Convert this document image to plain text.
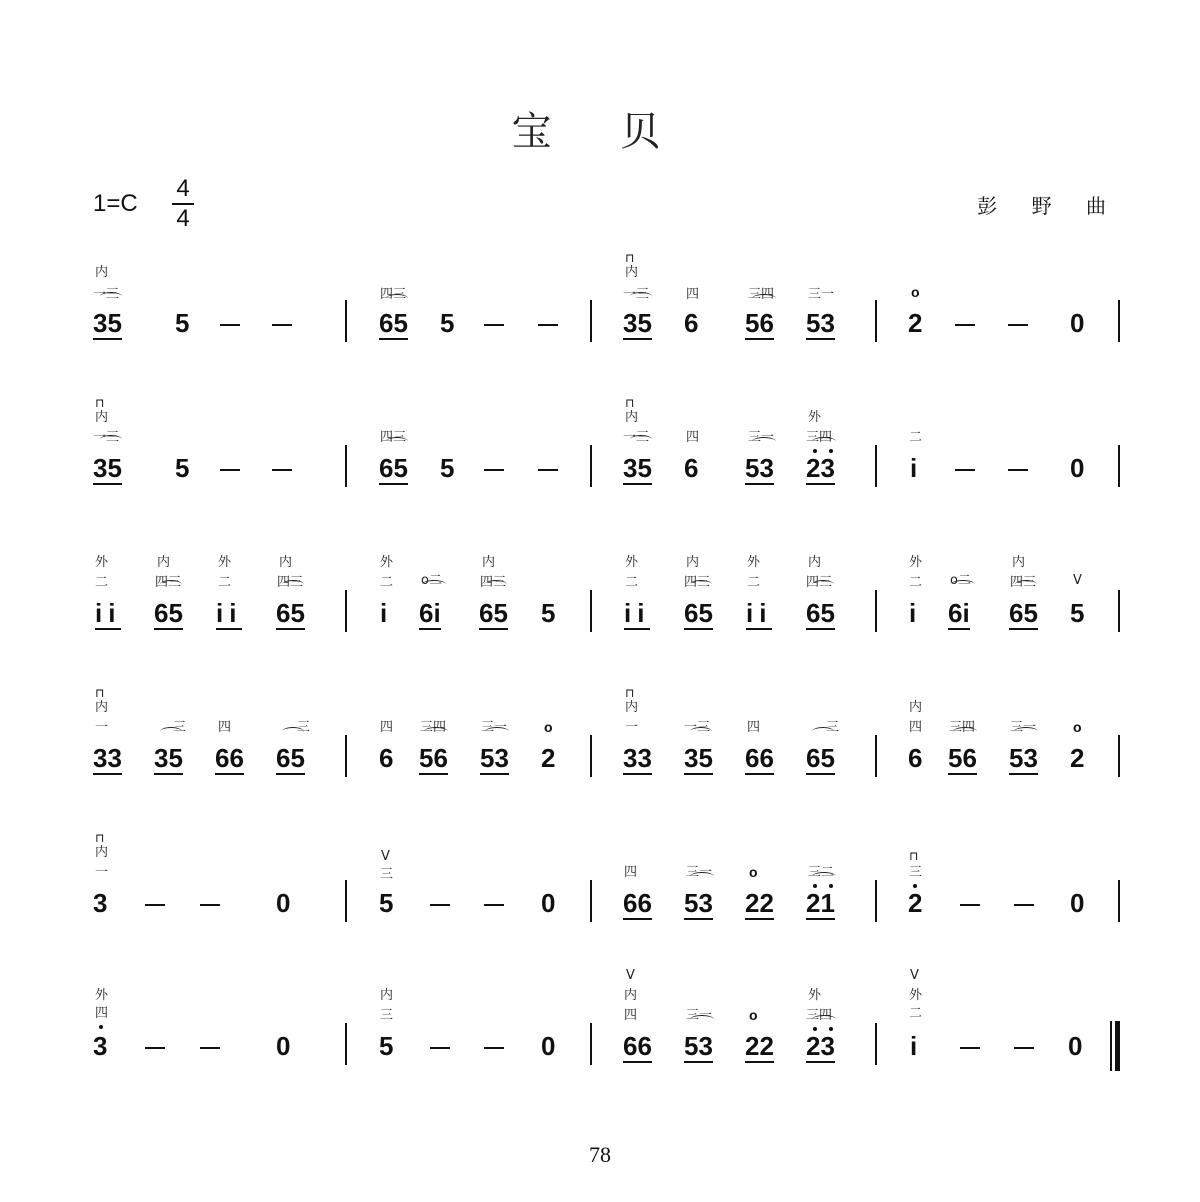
宝 贝
1=C
4
4	彭 野 曲
内
一三
35 5
四三
65 5
⊓
内
一三	四	三四	三一
35 6 56 53
o
2	0
⊓
内
一三
35 5
四三
65 5
⊓
内
一三	四	三一
外
三四
35 6 53 23
二
i	0
外
二
内
四三
外
二
内
四三
ii 65 ii 65
外
二 o二
内
四三
i 6i 65 5
外
二
内
四三
外
二
内
四三
ii 65 ii 65
外
二 o二
内
四三	V
i 6i 65 5
⊓
内
一	三 四	三
33 35 66 65
四 三四	三一	o
6 56 53 2
⊓
内
一	一三	四	三
33 35 66 65
内
四 三四	三一	o
6 56 53 2
⊓
内
一
3	0
V
三
5	0
四	三一	o	三二
66 53 22 21
⊓
三
2	0
外
四
3	0
内
三
5	0
V
内
四	三一	o
外
三四
66 53 22 23
V
外
二
i	0
78
